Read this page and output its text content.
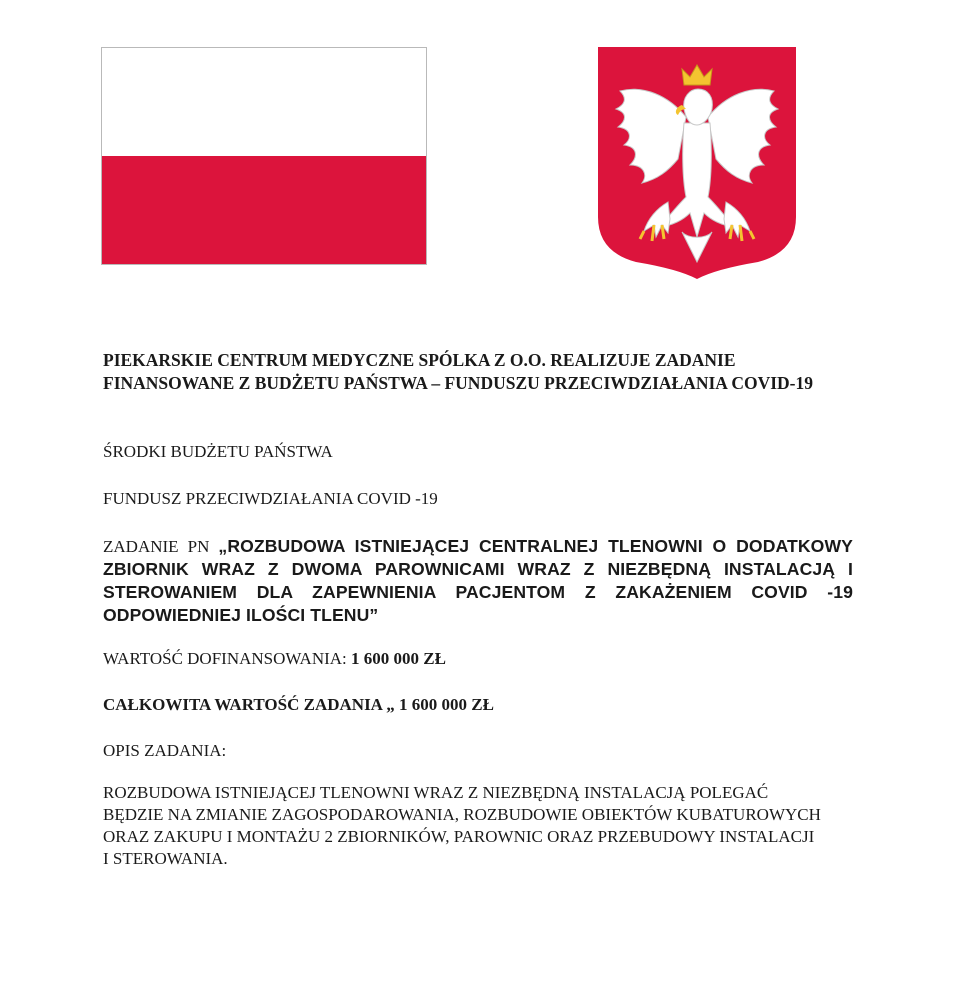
PIEKARSKIE CENTRUM MEDYCZNE SPÓLKA Z O.O. REALIZUJE ZADANIE FINANSOWANE Z BUDŻETU PAŃSTWA – FUNDUSZU PRZECIWDZIAŁANIA COVID-19

ŚRODKI BUDŻETU PAŃSTWA

FUNDUSZ PRZECIWDZIAŁANIA COVID -19

ZADANIE PN „ROZBUDOWA ISTNIEJĄCEJ CENTRALNEJ TLENOWNI O DODATKOWY ZBIORNIK WRAZ Z DWOMA PAROWNICAMI WRAZ Z NIEZBĘDNĄ INSTALACJĄ I STEROWANIEM DLA ZAPEWNIENIA PACJENTOM Z ZAKAŻENIEM COVID -19 ODPOWIEDNIEJ ILOŚCI TLENU”

WARTOŚĆ DOFINANSOWANIA: 1 600 000 ZŁ

CAŁKOWITA WARTOŚĆ ZADANIA „ 1 600 000 ZŁ

OPIS ZADANIA:

ROZBUDOWA ISTNIEJĄCEJ TLENOWNI WRAZ Z NIEZBĘDNĄ INSTALACJĄ POLEGAĆ BĘDZIE NA ZMIANIE ZAGOSPODAROWANIA, ROZBUDOWIE OBIEKTÓW KUBATUROWYCH ORAZ ZAKUPU I MONTAŻU 2 ZBIORNIKÓW, PAROWNIC ORAZ PRZEBUDOWY INSTALACJI I STEROWANIA.
